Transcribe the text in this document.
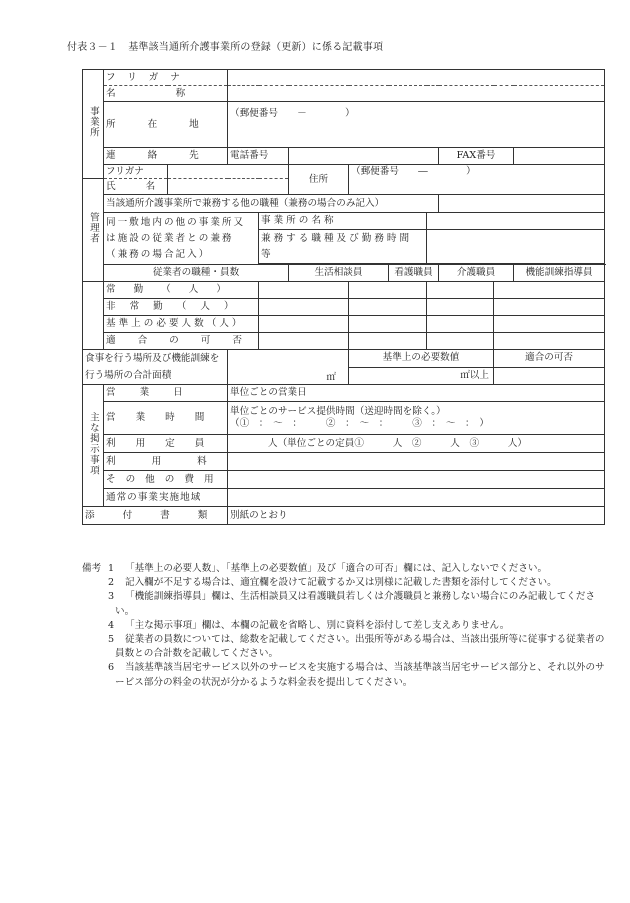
付表３－１　基準該当通所介護事業所の登録（更新）に係る記載事項
事業所	フリガナ										
	名称										
	所在地		（郵便番号　　－　　　　）								
	連絡先		電話番号						FAX番号		
	フリガナ				住所	（郵便番号　　―　　　　）					
管理者	氏名										
	当該通所介護事業所で兼務する他の職種（兼務の場合のみ記入）										
	同一敷地内の他の事業所又は施設の従業者との兼務（兼務の場合記入）			事業所の名称							
				兼務する職種及び勤務時間等							

	従業者の職種・員数				生活相談員		看護職員		介護職員		機能訓練指導員
	常勤（人）										
	非常勤（人）										
	基準上の必要人数（人）										
	適合の可否										
食事を行う場所及び機能訓練を行う場所の合計面積			㎡			基準上の必要数値				適合の可否	
						㎡以上					
主な掲示事項	営業日		単位ごとの営業日								
	営業時間		単位ごとのサービス提供時間（送迎時間を除く。）
（①　：　～　：　　　②　：　～　：　　　③　：　～　：　）								

	利用定員		人（単位ごとの定員①　　　人　②　　　人　③　　　人）								
	利用料										
	その他の費用										
	通常の事業実施地域										
添付書類			別紙のとおり								
備考 1 「基準上の必要人数」、「基準上の必要数値」及び「適合の可否」欄には、記入しないでください。
2 記入欄が不足する場合は、適宜欄を設けて記載するか又は別様に記載した書類を添付してください。
3 「機能訓練指導員」欄は、生活相談員又は看護職員若しくは介護職員と兼務しない場合にのみ記載してください。
4 「主な掲示事項」欄は、本欄の記載を省略し、別に資料を添付して差し支えありません。
5 従業者の員数については、総数を記載してください。出張所等がある場合は、当該出張所等に従事する従業者の員数との合計数を記載してください。
6 当該基準該当居宅サービス以外のサービスを実施する場合は、当該基準該当居宅サービス部分と、それ以外のサービス部分の料金の状況が分かるような料金表を提出してください。
